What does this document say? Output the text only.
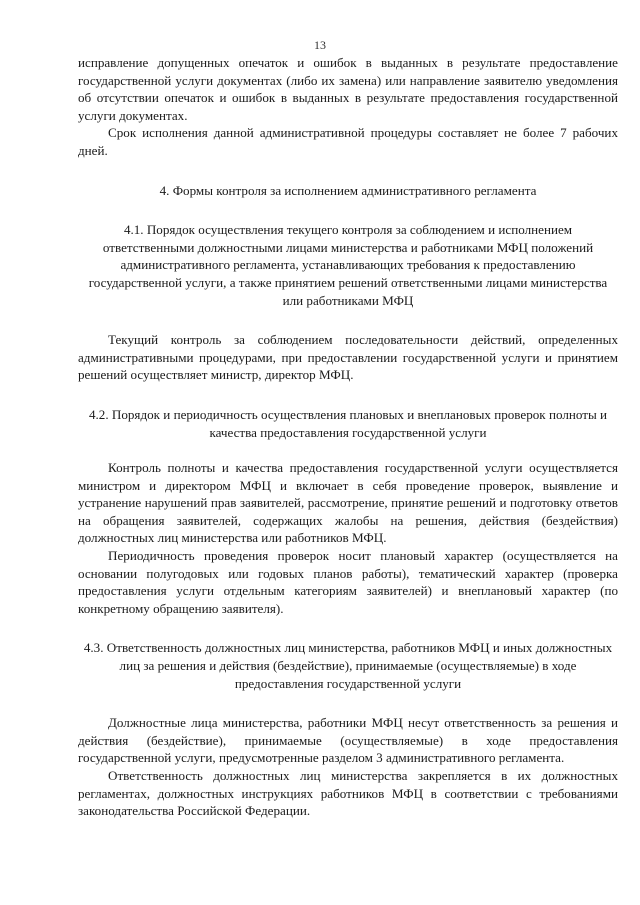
13

исправление допущенных опечаток и ошибок в выданных в результате предоставление государственной услуги документах (либо их замена) или направление заявителю уведомления об отсутствии опечаток и ошибок в выданных в результате предоставления государственной услуги документах.

Срок исполнения данной административной процедуры составляет не более 7 рабочих дней.

4. Формы контроля за исполнением административного регламента

4.1. Порядок осуществления текущего контроля за соблюдением и исполнением ответственными должностными лицами министерства и работниками МФЦ положений административного регламента, устанавливающих требования к предоставлению государственной услуги, а также принятием решений ответственными лицами министерства или работниками МФЦ

Текущий контроль за соблюдением последовательности действий, определенных административными процедурами, при предоставлении государственной услуги и принятием решений осуществляет министр, директор МФЦ.

4.2. Порядок и периодичность осуществления плановых и внеплановых проверок полноты и качества предоставления государственной услуги

Контроль полноты и качества предоставления государственной услуги осуществляется министром и директором МФЦ и включает в себя проведение проверок, выявление и устранение нарушений прав заявителей, рассмотрение, принятие решений и подготовку ответов на обращения заявителей, содержащих жалобы на решения, действия (бездействия) должностных лиц министерства или работников МФЦ.

Периодичность проведения проверок носит плановый характер (осуществляется на основании полугодовых или годовых планов работы), тематический характер (проверка предоставления услуги отдельным категориям заявителей) и внеплановый характер (по конкретному обращению заявителя).

4.3. Ответственность должностных лиц министерства, работников МФЦ и иных должностных лиц за решения и действия (бездействие), принимаемые (осуществляемые) в ходе предоставления государственной услуги

Должностные лица министерства, работники МФЦ несут ответственность за решения и действия (бездействие), принимаемые (осуществляемые) в ходе предоставления государственной услуги, предусмотренные разделом 3 административного регламента.

Ответственность должностных лиц министерства закрепляется в их должностных регламентах, должностных инструкциях работников МФЦ в соответствии с требованиями законодательства Российской Федерации.
